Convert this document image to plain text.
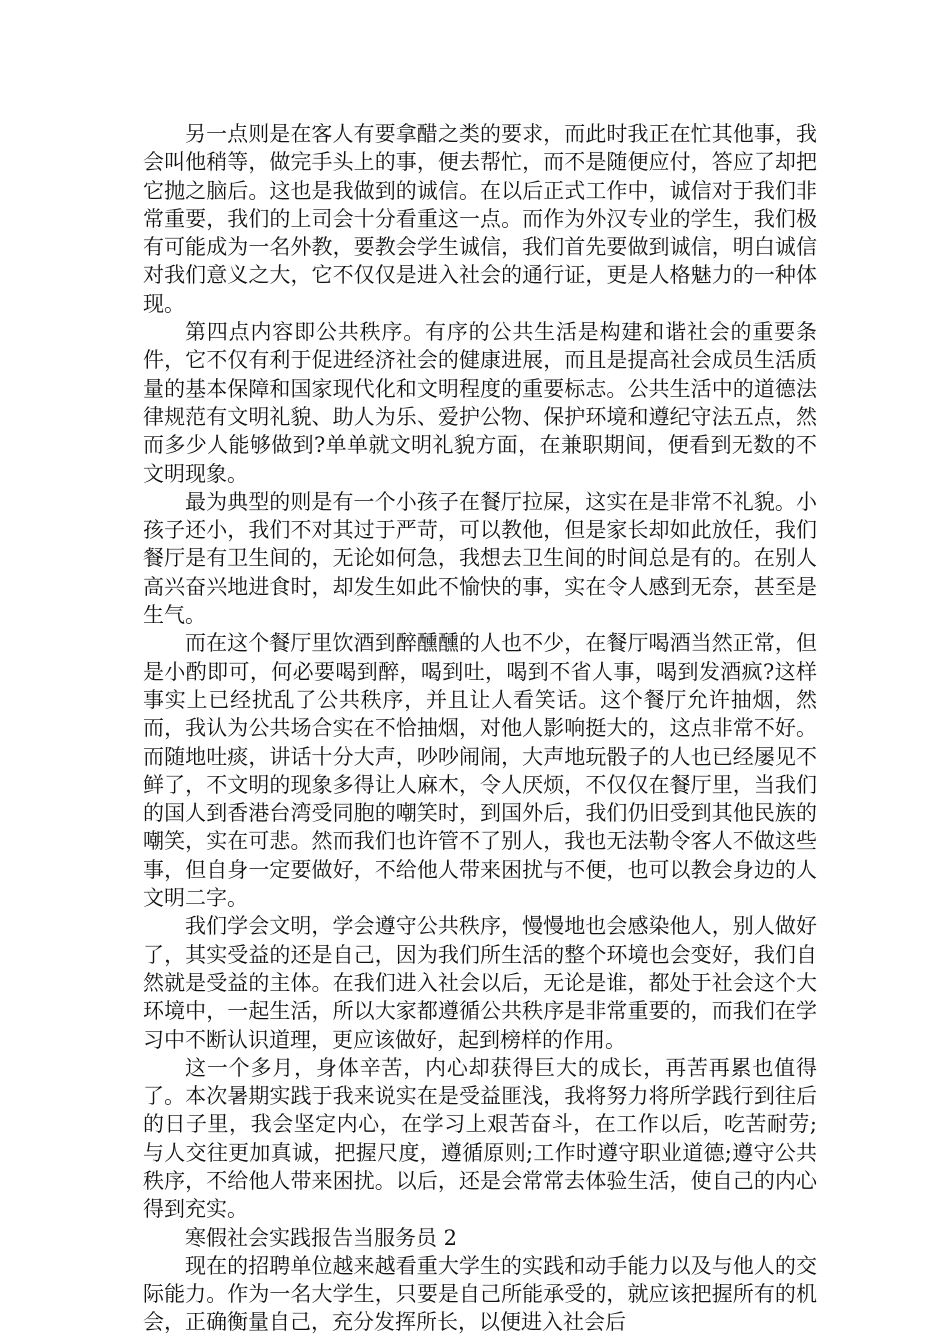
另一点则是在客人有要拿醋之类的要求，而此时我正在忙其他事，我会叫他稍等，做完手头上的事，便去帮忙，而不是随便应付，答应了却把它抛之脑后。这也是我做到的诚信。在以后正式工作中，诚信对于我们非常重要，我们的上司会十分看重这一点。而作为外汉专业的学生，我们极有可能成为一名外教，要教会学生诚信，我们首先要做到诚信，明白诚信对我们意义之大，它不仅仅是进入社会的通行证，更是人格魅力的一种体现。

第四点内容即公共秩序。有序的公共生活是构建和谐社会的重要条件，它不仅有利于促进经济社会的健康进展，而且是提高社会成员生活质量的基本保障和国家现代化和文明程度的重要标志。公共生活中的道德法律规范有文明礼貌、助人为乐、爱护公物、保护环境和遵纪守法五点，然而多少人能够做到?单单就文明礼貌方面，在兼职期间，便看到无数的不文明现象。

最为典型的则是有一个小孩子在餐厅拉屎，这实在是非常不礼貌。小孩子还小，我们不对其过于严苛，可以教他，但是家长却如此放任，我们餐厅是有卫生间的，无论如何急，我想去卫生间的时间总是有的。在别人高兴奋兴地进食时，却发生如此不愉快的事，实在令人感到无奈，甚至是生气。

而在这个餐厅里饮酒到醉醺醺的人也不少，在餐厅喝酒当然正常，但是小酌即可，何必要喝到醉，喝到吐，喝到不省人事，喝到发酒疯?这样事实上已经扰乱了公共秩序，并且让人看笑话。这个餐厅允许抽烟，然而，我认为公共场合实在不恰抽烟，对他人影响挺大的，这点非常不好。而随地吐痰，讲话十分大声，吵吵闹闹，大声地玩骰子的人也已经屡见不鲜了，不文明的现象多得让人麻木，令人厌烦，不仅仅在餐厅里，当我们的国人到香港台湾受同胞的嘲笑时，到国外后，我们仍旧受到其他民族的嘲笑，实在可悲。然而我们也许管不了别人，我也无法勒令客人不做这些事，但自身一定要做好，不给他人带来困扰与不便，也可以教会身边的人文明二字。

我们学会文明，学会遵守公共秩序，慢慢地也会感染他人，别人做好了，其实受益的还是自己，因为我们所生活的整个环境也会变好，我们自然就是受益的主体。在我们进入社会以后，无论是谁，都处于社会这个大环境中，一起生活，所以大家都遵循公共秩序是非常重要的，而我们在学习中不断认识道理，更应该做好，起到榜样的作用。

这一个多月，身体辛苦，内心却获得巨大的成长，再苦再累也值得了。本次暑期实践于我来说实在是受益匪浅，我将努力将所学践行到往后的日子里，我会坚定内心，在学习上艰苦奋斗，在工作以后，吃苦耐劳;与人交往更加真诚，把握尺度，遵循原则;工作时遵守职业道德;遵守公共秩序，不给他人带来困扰。以后，还是会常常去体验生活，使自己的内心得到充实。

寒假社会实践报告当服务员 2

现在的招聘单位越来越看重大学生的实践和动手能力以及与他人的交际能力。作为一名大学生，只要是自己所能承受的，就应该把握所有的机会，正确衡量自己，充分发挥所长，以便进入社会后
